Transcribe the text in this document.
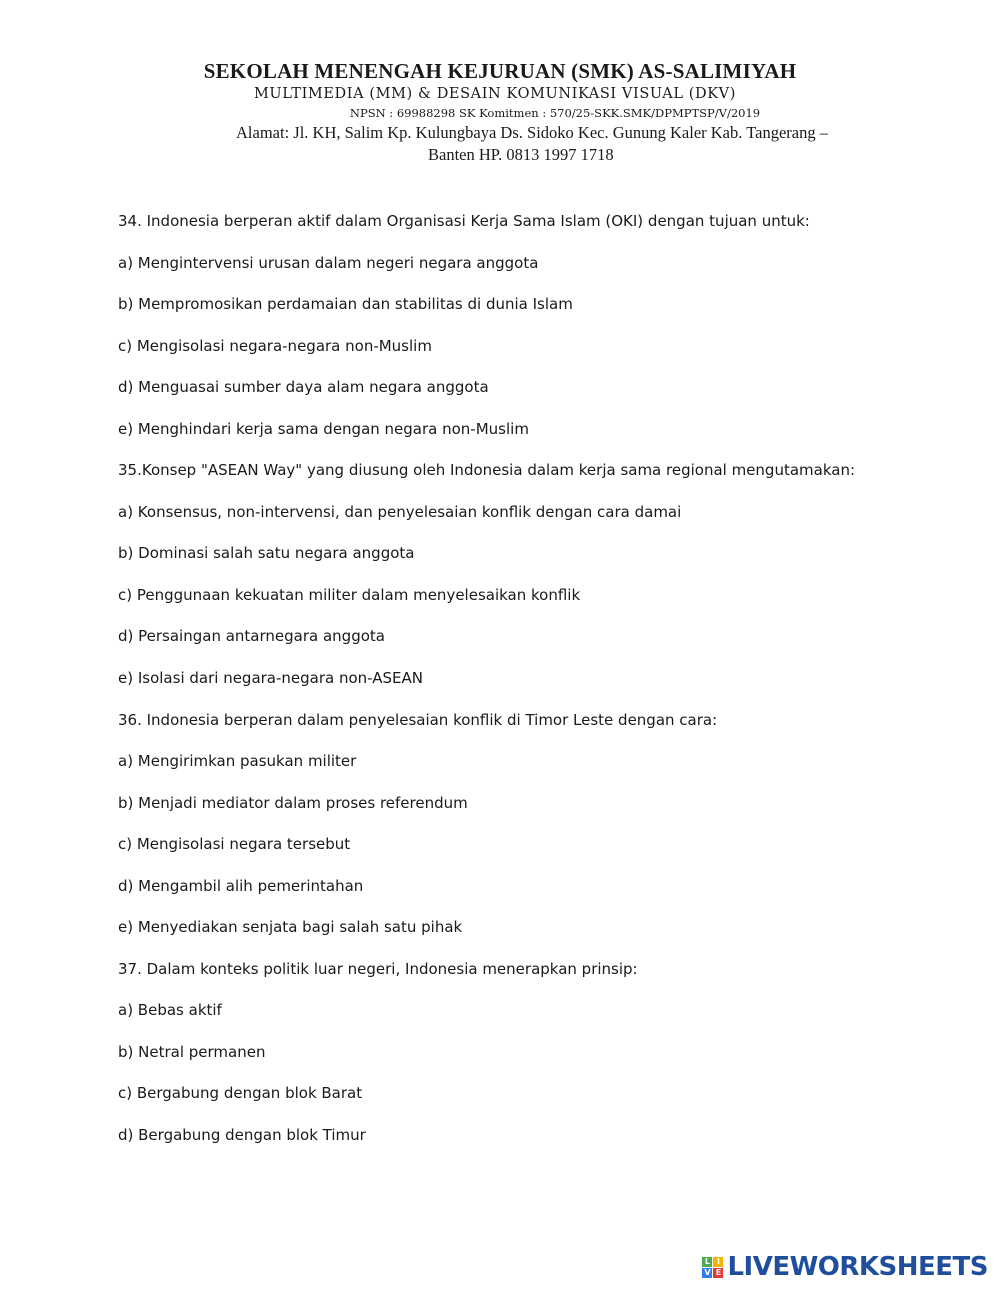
SEKOLAH MENENGAH KEJURUAN (SMK) AS-SALIMIYAH
MULTIMEDIA (MM) & DESAIN KOMUNIKASI VISUAL (DKV)
NPSN : 69988298 SK Komitmen : 570/25-SKK.SMK/DPMPTSP/V/2019
Alamat: Jl. KH, Salim Kp. Kulungbaya Ds. Sidoko Kec. Gunung Kaler Kab. Tangerang –
Banten HP. 0813 1997 1718
34. Indonesia berperan aktif dalam Organisasi Kerja Sama Islam (OKI) dengan tujuan untuk:
a) Mengintervensi urusan dalam negeri negara anggota
b) Mempromosikan perdamaian dan stabilitas di dunia Islam
c) Mengisolasi negara-negara non-Muslim
d) Menguasai sumber daya alam negara anggota
e) Menghindari kerja sama dengan negara non-Muslim
35.Konsep "ASEAN Way" yang diusung oleh Indonesia dalam kerja sama regional mengutamakan:
a) Konsensus, non-intervensi, dan penyelesaian konflik dengan cara damai
b) Dominasi salah satu negara anggota
c) Penggunaan kekuatan militer dalam menyelesaikan konflik
d) Persaingan antarnegara anggota
e) Isolasi dari negara-negara non-ASEAN
36. Indonesia berperan dalam penyelesaian konflik di Timor Leste dengan cara:
a) Mengirimkan pasukan militer
b) Menjadi mediator dalam proses referendum
c) Mengisolasi negara tersebut
d) Mengambil alih pemerintahan
e) Menyediakan senjata bagi salah satu pihak
37. Dalam konteks politik luar negeri, Indonesia menerapkan prinsip:
a) Bebas aktif
b) Netral permanen
c) Bergabung dengan blok Barat
d) Bergabung dengan blok Timur
L I
V E LIVEWORKSHEETS
